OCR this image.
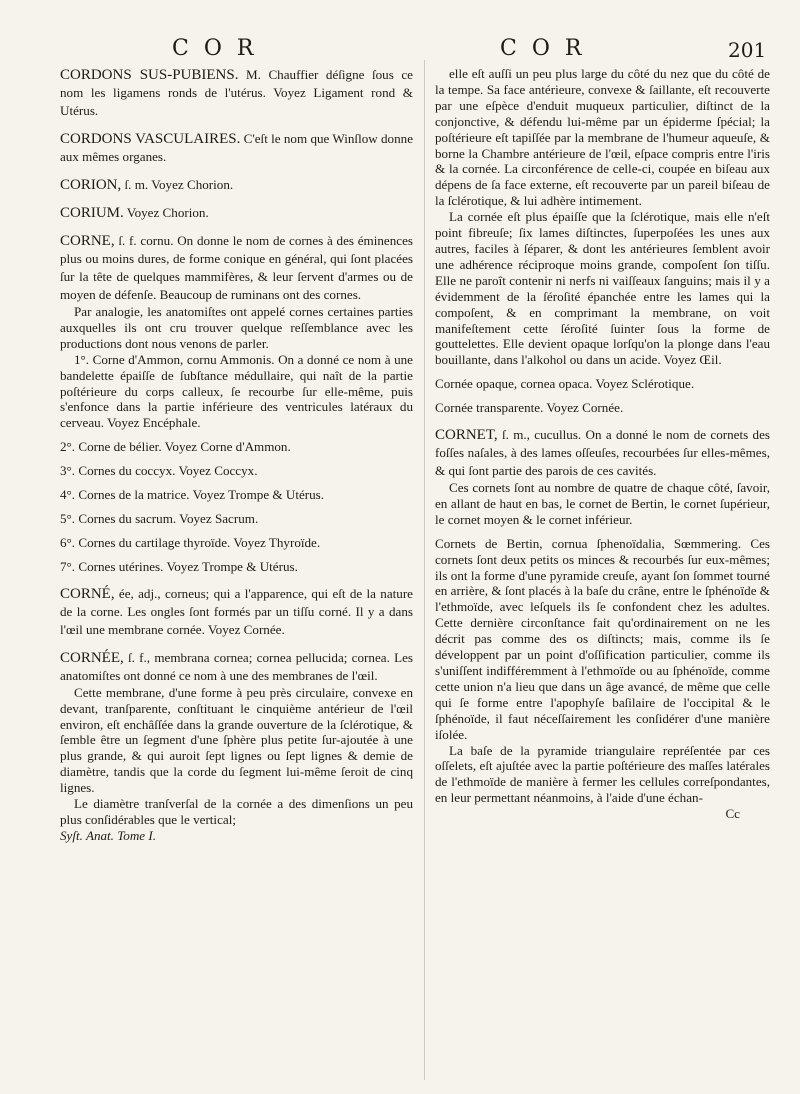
C O R	C O R	201

CORDONS SUS-PUBIENS. M. Chauffier déſigne ſous ce nom les ligamens ronds de l'utérus. Voyez Ligament rond & Utérus.

CORDONS VASCULAIRES. C'eſt le nom que Winſlow donne aux mêmes organes.

CORION, ſ. m. Voyez Chorion.

CORIUM. Voyez Chorion.

CORNE, ſ. f. cornu. On donne le nom de cornes à des éminences plus ou moins dures, de forme conique en général, qui ſont placées ſur la tête de quelques mammifères, & leur ſervent d'armes ou de moyen de défenſe. Beaucoup de ruminans ont des cornes.

Par analogie, les anatomiſtes ont appelé cornes certaines parties auxquelles ils ont cru trouver quelque reſſemblance avec les productions dont nous venons de parler.

1°. Corne d'Ammon, cornu Ammonis. On a donné ce nom à une bandelette épaiſſe de ſubſtance médullaire, qui naît de la partie poſtérieure du corps calleux, ſe recourbe ſur elle-même, puis s'enfonce dans la partie inférieure des ventricules latéraux du cerveau. Voyez Encéphale.

2°. Corne de bélier. Voyez Corne d'Ammon.

3°. Cornes du coccyx. Voyez Coccyx.

4°. Cornes de la matrice. Voyez Trompe & Utérus.

5°. Cornes du sacrum. Voyez Sacrum.

6°. Cornes du cartilage thyroïde. Voyez Thyroïde.

7°. Cornes utérines. Voyez Trompe & Utérus.

CORNÉ, ée, adj., corneus; qui a l'apparence, qui eſt de la nature de la corne. Les ongles ſont formés par un tiſſu corné. Il y a dans l'œil une membrane cornée. Voyez Cornée.

CORNÉE, ſ. f., membrana cornea; cornea pellucida; cornea. Les anatomiſtes ont donné ce nom à une des membranes de l'œil.

Cette membrane, d'une forme à peu près circulaire, convexe en devant, tranſparente, conſtituant le cinquième antérieur de l'œil environ, eſt enchâſſée dans la grande ouverture de la ſclérotique, & ſemble être un ſegment d'une ſphère plus petite ſur-ajoutée à une plus grande, & qui auroit ſept lignes ou ſept lignes & demie de diamètre, tandis que la corde du ſegment lui-même ſeroit de cinq lignes.

Le diamètre tranſverſal de la cornée a des dimenſions un peu plus conſidérables que le vertical;

Syſt. Anat. Tome I.

elle eſt auſſi un peu plus large du côté du nez que du côté de la tempe. Sa face antérieure, convexe & ſaillante, eſt recouverte par une eſpèce d'enduit muqueux particulier, diſtinct de la conjonctive, & défendu lui-même par un épiderme ſpécial; la poſtérieure eſt tapiſſée par la membrane de l'humeur aqueuſe, & borne la Chambre antérieure de l'œil, eſpace compris entre l'iris & la cornée. La circonférence de celle-ci, coupée en biſeau aux dépens de ſa face externe, eſt recouverte par un pareil biſeau de la ſclérotique, & lui adhère intimement.

La cornée eſt plus épaiſſe que la ſclérotique, mais elle n'eſt point fibreuſe; ſix lames diſtinctes, ſuperpoſées les unes aux autres, faciles à ſéparer, & dont les antérieures ſemblent avoir une adhérence réciproque moins grande, compoſent ſon tiſſu. Elle ne paroît contenir ni nerfs ni vaiſſeaux ſanguins; mais il y a évidemment de la ſéroſité épanchée entre les lames qui la compoſent, & en comprimant la membrane, on voit manifeſtement cette ſéroſité ſuinter ſous la forme de gouttelettes. Elle devient opaque lorſqu'on la plonge dans l'eau bouillante, dans l'alkohol ou dans un acide. Voyez Œil.

Cornée opaque, cornea opaca. Voyez Sclérotique.

Cornée transparente. Voyez Cornée.

CORNET, ſ. m., cucullus. On a donné le nom de cornets des foſſes naſales, à des lames oſſeuſes, recourbées ſur elles-mêmes, & qui ſont partie des parois de ces cavités.

Ces cornets ſont au nombre de quatre de chaque côté, ſavoir, en allant de haut en bas, le cornet de Bertin, le cornet ſupérieur, le cornet moyen & le cornet inférieur.

Cornets de Bertin, cornua ſphenoïdalia, Sœmmering. Ces cornets ſont deux petits os minces & recourbés ſur eux-mêmes; ils ont la forme d'une pyramide creuſe, ayant ſon ſommet tourné en arrière, & ſont placés à la baſe du crâne, entre le ſphénoïde & l'ethmoïde, avec leſquels ils ſe confondent chez les adultes. Cette dernière circonſtance fait qu'ordinairement on ne les décrit pas comme des os diſtincts; mais, comme ils ſe développent par un point d'oſſification particulier, comme ils s'uniſſent indifféremment à l'ethmoïde ou au ſphénoïde, comme cette union n'a lieu que dans un âge avancé, de même que celle qui ſe forme entre l'apophyſe baſilaire de l'occipital & le ſphénoïde, il faut néceſſairement les conſidérer d'une manière iſolée.

La baſe de la pyramide triangulaire repréſentée par ces oſſelets, eſt ajuſtée avec la partie poſtérieure des maſſes latérales de l'ethmoïde de manière à fermer les cellules correſpondantes, en leur permettant néanmoins, à l'aide d'une échan-

Cc
